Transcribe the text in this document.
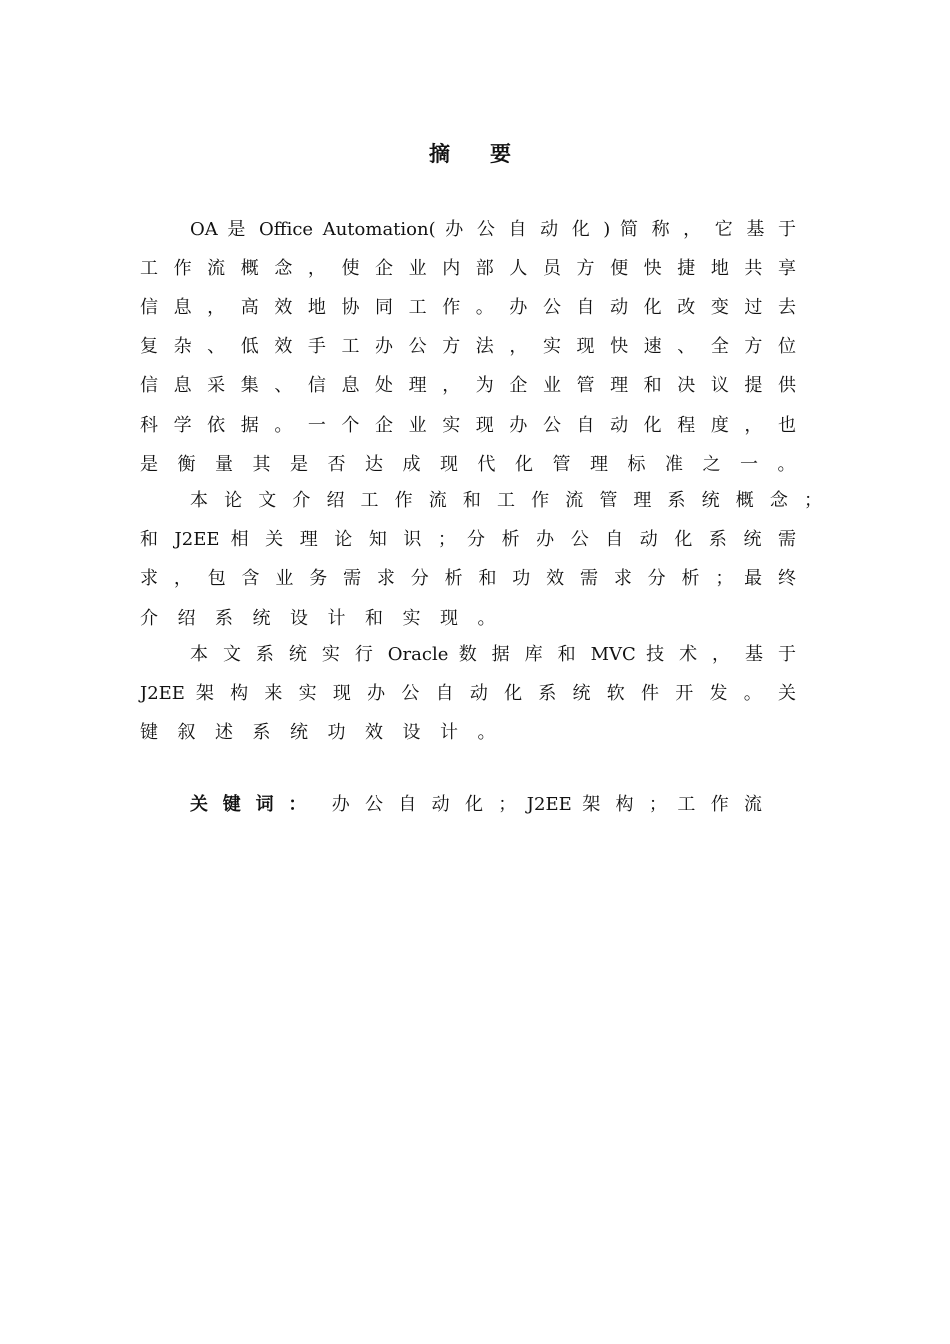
摘要
OA 是 Office Automation( 办 公 自 动 化 ) 简 称 ， 它 基 于
工 作 流 概 念 ， 使 企 业 内 部 人 员 方 便 快 捷 地 共 享
信 息 ， 高 效 地 协 同 工 作 。 办 公 自 动 化 改 变 过 去
复 杂 、 低 效 手 工 办 公 方 法 ， 实 现 快 速 、 全 方 位
信 息 采 集 、 信 息 处 理 ， 为 企 业 管 理 和 决 议 提 供
科 学 依 据 。 一 个 企 业 实 现 办 公 自 动 化 程 度 ， 也
是衡量其是否达成现代化管理标准之一。
本 论 文 介 绍 工 作 流 和 工 作 流 管 理 系 统 概 念 ；
和 J2EE 相 关 理 论 知 识 ； 分 析 办 公 自 动 化 系 统 需
求 ， 包 含 业 务 需 求 分 析 和 功 效 需 求 分 析 ； 最 终
介绍系统设计和实现。
本 文 系 统 实 行 Oracle 数 据 库 和 MVC 技 术 ， 基 于
J2EE 架 构 来 实 现 办 公 自 动 化 系 统 软 件 开 发 。 关
键叙述系统功效设计。
关键词： 办 公 自 动 化 ； J2EE 架 构 ； 工 作 流
